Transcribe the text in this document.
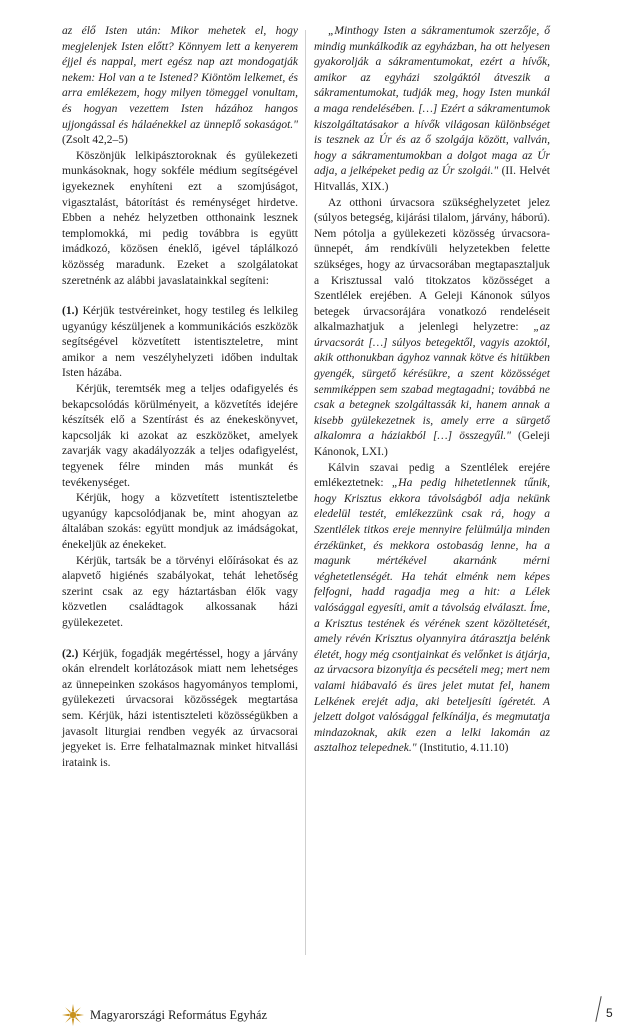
az élő Isten után: Mikor mehetek el, hogy megjelenjek Isten előtt? Könnyem lett a kenyerem éjjel és nappal, mert egész nap azt mondogatják nekem: Hol van a te Istened? Kiöntöm lelkemet, és arra emlékezem, hogy milyen tömeggel vonultam, és hogyan vezettem Isten házához hangos ujjongással és hálaénekkel az ünneplő sokaságot." (Zsolt 42,2–5)

Köszönjük lelkipásztoroknak és gyülekezeti munkásoknak, hogy sokféle médium segítségével igyekeznek enyhíteni ezt a szomjúságot, vigasztalást, bátorítást és reménységet hirdetve. Ebben a nehéz helyzetben otthonaink lesznek templomokká, mi pedig továbbra is együtt imádkozó, közösen éneklő, igével táplálkozó közösség maradunk. Ezeket a szolgálatokat szeretnénk az alábbi javaslatainkkal segíteni:

(1.) Kérjük testvéreinket, hogy testileg és lelkileg ugyanúgy készüljenek a kommunikációs eszközök segítségével közvetített istentiszteletre, mint amikor a nem veszélyhelyzeti időben indultak Isten házába.

Kérjük, teremtsék meg a teljes odafigyelés és bekapcsolódás körülményeit, a közvetítés idejére készítsék elő a Szentírást és az énekeskönyvet, kapcsolják ki azokat az eszközöket, amelyek zavarják vagy akadályozzák a teljes odafigyelést, tegyenek félre minden más munkát és tevékenységet.

Kérjük, hogy a közvetített istentiszteletbe ugyanúgy kapcsolódjanak be, mint ahogyan az általában szokás: együtt mondjuk az imádságokat, énekeljük az énekeket.

Kérjük, tartsák be a törvényi előírásokat és az alapvető higiénés szabályokat, tehát lehetőség szerint csak az egy háztartásban élők vagy közvetlen családtagok alkossanak házi gyülekezetet.

(2.) Kérjük, fogadják megértéssel, hogy a járvány okán elrendelt korlátozások miatt nem lehetséges az ünnepeinken szokásos hagyományos templomi, gyülekezeti úrvacsorai közösségek megtartása sem. Kérjük, házi istentiszteleti közösségükben a javasolt liturgiai rendben vegyék az úrvacsorai jegyeket is. Erre felhatalmaznak minket hitvallási irataink is.

„Minthogy Isten a sákramentumok szerzője, ő mindig munkálkodik az egyházban, ha ott helyesen gyakorolják a sákramentumokat, ezért a hívők, amikor az egyházi szolgáktól átveszik a sákramentumokat, tudják meg, hogy Isten munkál a maga rendelésében. […] Ezért a sákramentumok kiszolgáltatásakor a hívők világosan különbséget is tesznek az Úr és az ő szolgája között, vallván, hogy a sákramentumokban a dolgot maga az Úr adja, a jelképeket pedig az Úr szolgái." (II. Helvét Hitvallás, XIX.)

Az otthoni úrvacsora szükséghelyzetet jelez (súlyos betegség, kijárási tilalom, járvány, háború). Nem pótolja a gyülekezeti közösség úrvacsora-ünnepét, ám rendkívüli helyzetekben felette szükséges, hogy az úrvacsorában megtapasztaljuk a Krisztussal való titokzatos közösséget a Szentlélek erejében. A Geleji Kánonok súlyos betegek úrvacsorájára vonatkozó rendeléseit alkalmazhatjuk a jelenlegi helyzetre: „az úrvacsorát […] súlyos betegektől, vagyis azoktól, akik otthonukban ágyhoz vannak kötve és hitükben gyengék, sürgető kérésükre, a szent közösséget semmiképpen sem szabad megtagadni; továbbá ne csak a betegnek szolgáltassák ki, hanem annak a kisebb gyülekezetnek is, amely erre a sürgető alkalomra a háziakból […] összegyűl." (Geleji Kánonok, LXI.)

Kálvin szavai pedig a Szentlélek erejére emlékeztetnek: „Ha pedig hihetetlennek tűnik, hogy Krisztus ekkora távolságból adja nekünk eledelül testét, emlékezzünk csak rá, hogy a Szentlélek titkos ereje mennyire felülmúlja minden érzékünket, és mekkora ostobaság lenne, ha a magunk mértékével akarnánk mérni véghetetlenségét. Ha tehát elménk nem képes felfogni, hadd ragadja meg a hit: a Lélek valósággal egyesíti, amit a távolság elválaszt. Íme, a Krisztus testének és vérének szent közöltetését, amely révén Krisztus olyannyira átárasztja belénk életét, hogy még csontjainkat és velőnket is átjárja, az úrvacsora bizonyítja és pecsételi meg; mert nem valami hiábavaló és üres jelet mutat fel, hanem Lelkének erejét adja, aki beteljesíti ígéretét. A jelzett dolgot valósággal felkínálja, és megmutatja mindazoknak, akik ezen a lelki lakomán az asztalhoz telepednek." (Institutio, 4.11.10)

Magyarországi Református Egyház	5
